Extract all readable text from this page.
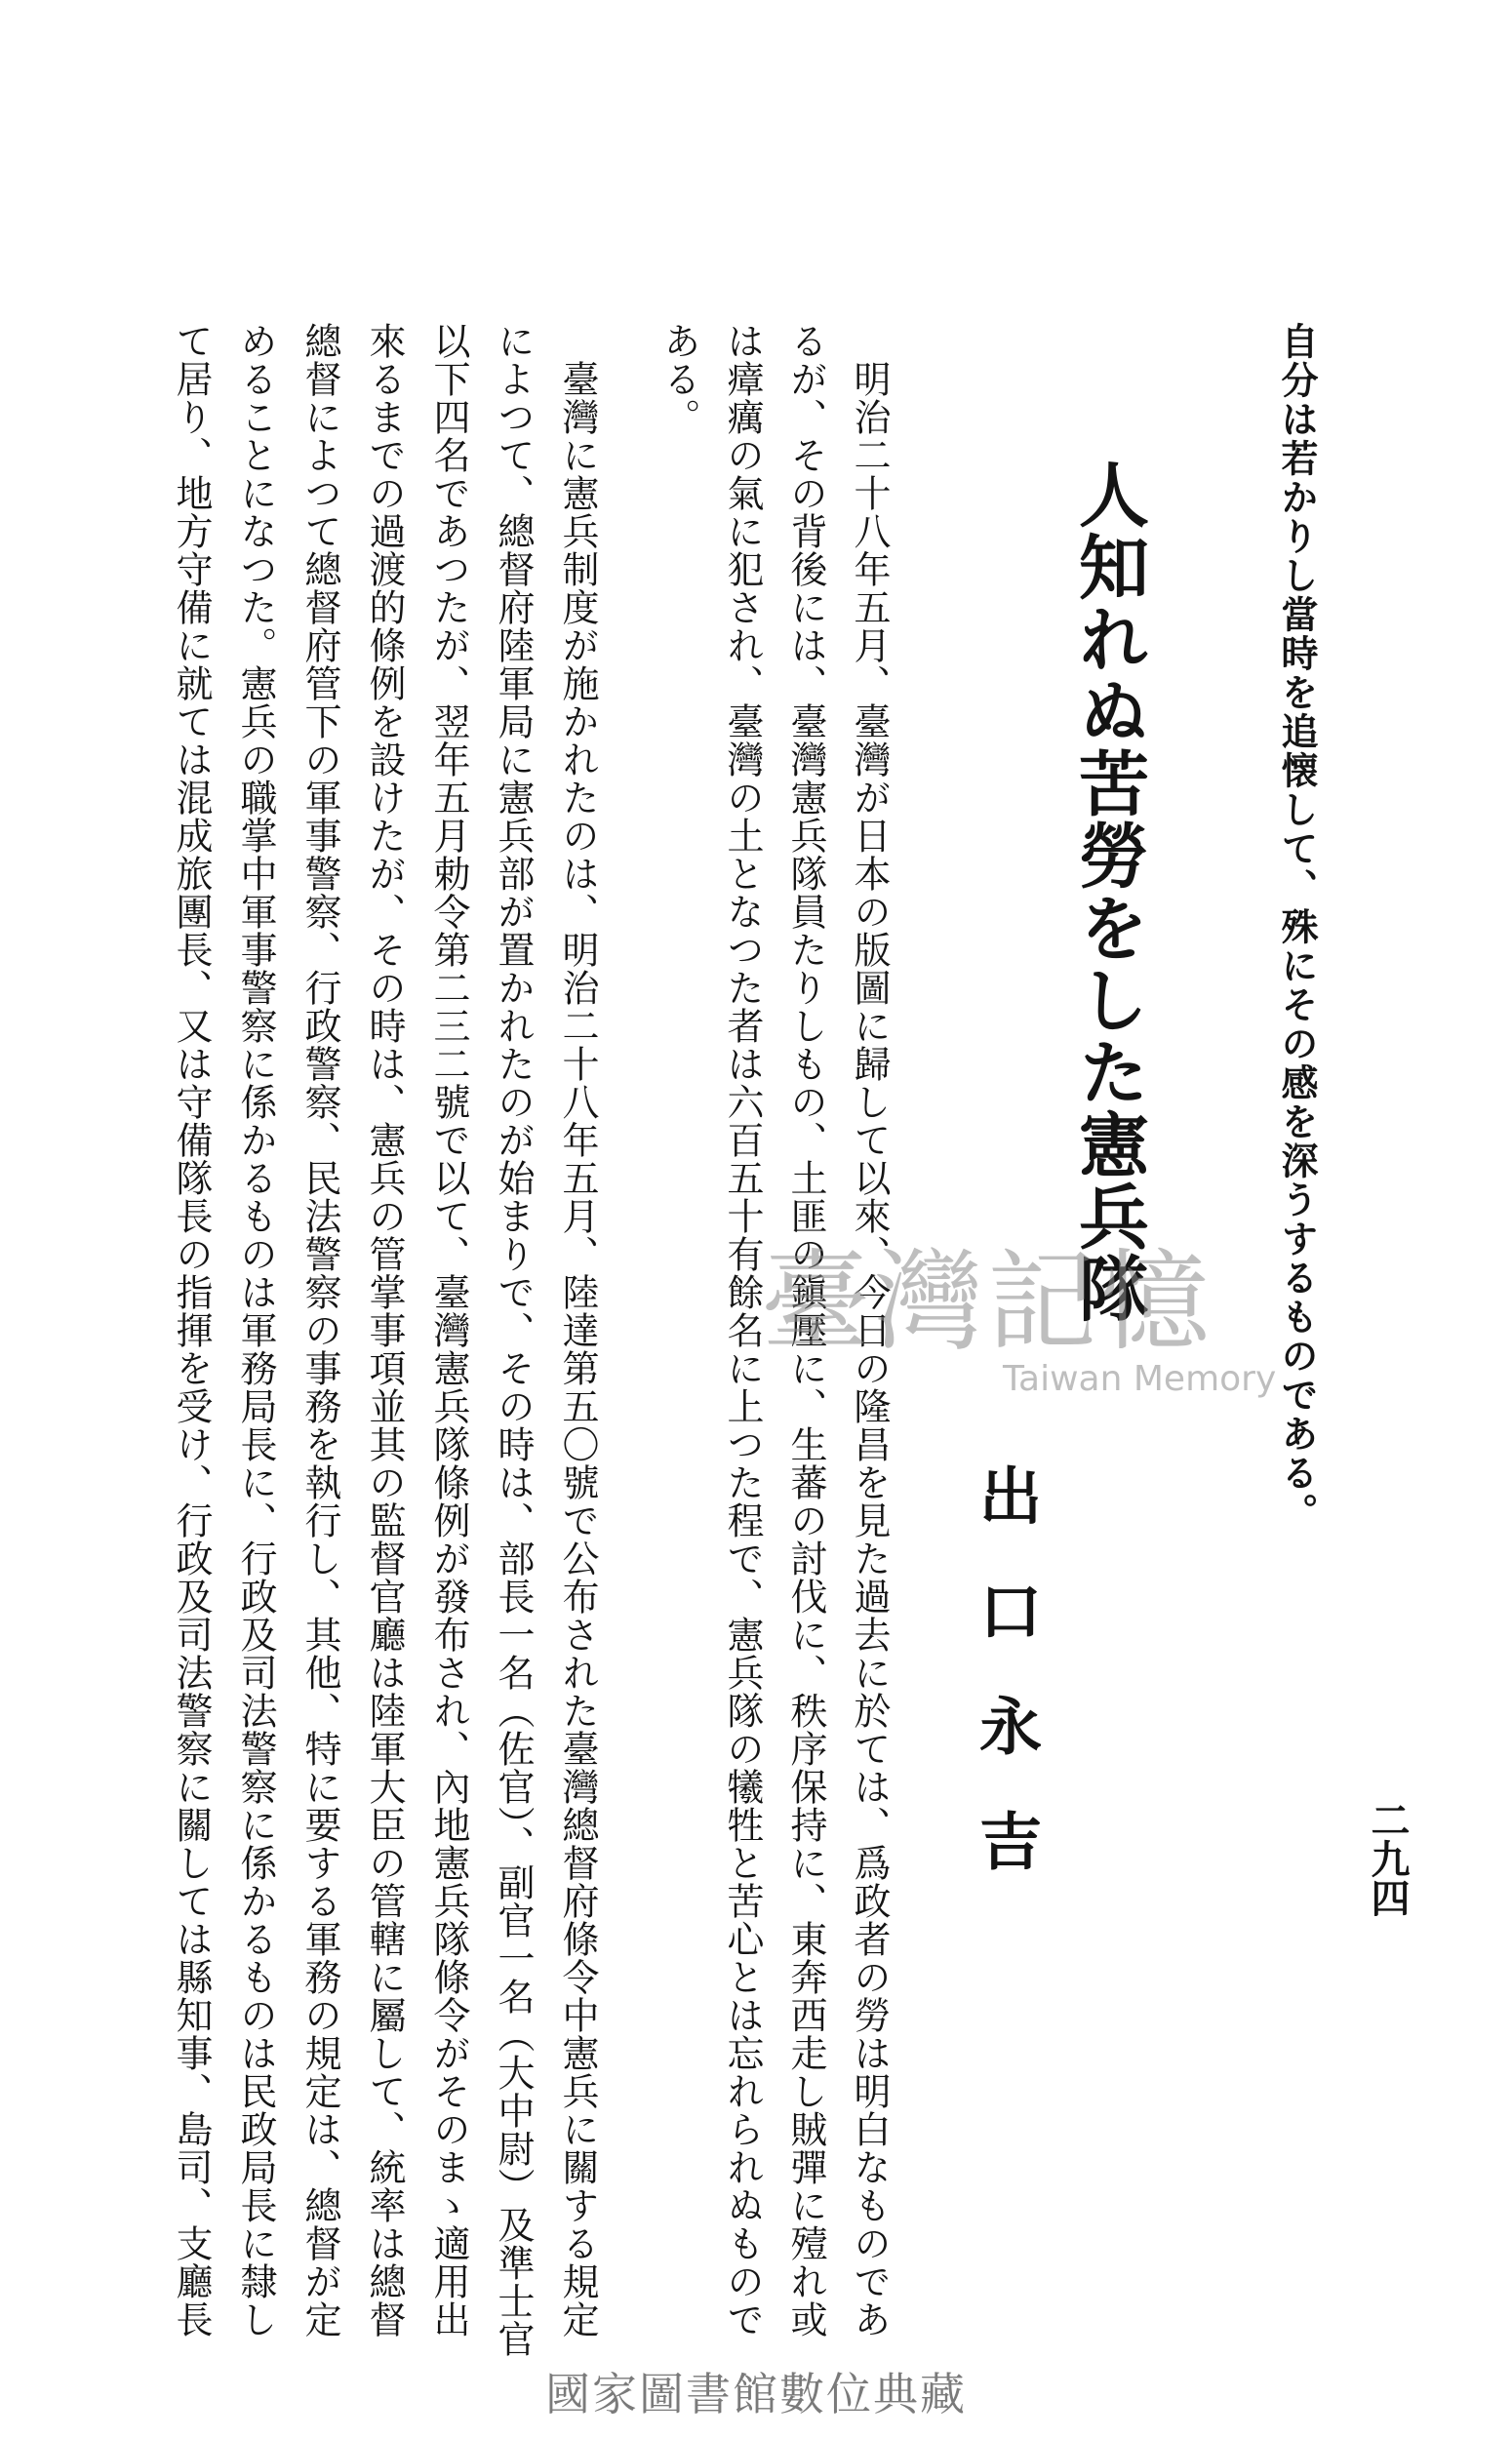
二九四
自分は若かりし當時を追懐して、殊にその感を深うするものである。
人知れぬ苦勞をした憲兵隊
出口永吉
　明治二十八年五月、臺灣が日本の版圖に歸して以來、今日の隆昌を見た過去に於ては、爲政者の勞は明白なものであ
るが、その背後には、臺灣憲兵隊員たりしもの、土匪の鎭壓に、生蕃の討伐に、秩序保持に、東奔西走し賊彈に殪れ或
は瘴癘の氣に犯され、臺灣の土となつた者は六百五十有餘名に上つた程で、憲兵隊の犧牲と苦心とは忘れられぬもので
ある。
　臺灣に憲兵制度が施かれたのは、明治二十八年五月、陸達第五〇號で公布された臺灣總督府條令中憲兵に關する規定
によつて、總督府陸軍局に憲兵部が置かれたのが始まりで、その時は、部長一名（佐官）、副官一名（大中尉）及準士官
以下四名であつたが、翌年五月勅令第二三二號で以て、臺灣憲兵隊條例が發布され、內地憲兵隊條令がそのまゝ適用出
來るまでの過渡的條例を設けたが、その時は、憲兵の管掌事項並其の監督官廳は陸軍大臣の管轄に屬して、統率は總督
總督によつて總督府管下の軍事警察、行政警察、民法警察の事務を執行し、其他、特に要する軍務の規定は、總督が定
めることになつた。憲兵の職掌中軍事警察に係かるものは軍務局長に、行政及司法警察に係かるものは民政局長に隸し
て居り、地方守備に就ては混成旅團長、又は守備隊長の指揮を受け、行政及司法警察に關しては縣知事、島司、支廳長	臺灣記憶
Taiwan Memory
國家圖書館數位典藏
